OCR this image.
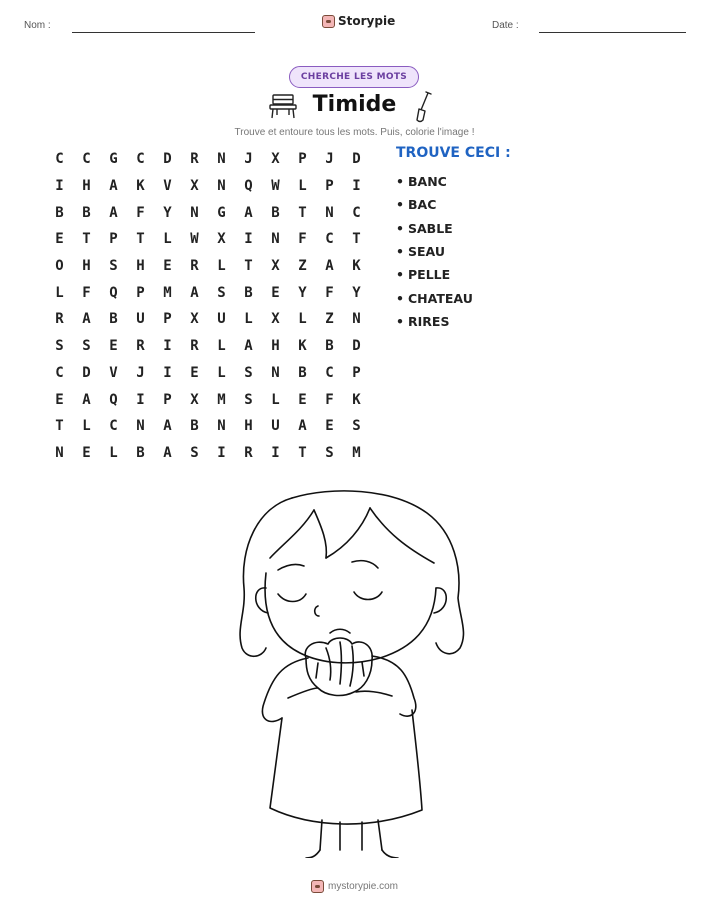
Nom :	Storypie	Date :
CHERCHE LES MOTS
Timide
Trouve et entoure tous les mots. Puis, colorie l'image !
C	C	G	C	D	R	N	J	X	P	J	D
I	H	A	K	V	X	N	Q	W	L	P	I
B	B	A	F	Y	N	G	A	B	T	N	C
E	T	P	T	L	W	X	I	N	F	C	T
O	H	S	H	E	R	L	T	X	Z	A	K
L	F	Q	P	M	A	S	B	E	Y	F	Y
R	A	B	U	P	X	U	L	X	L	Z	N
S	S	E	R	I	R	L	A	H	K	B	D
C	D	V	J	I	E	L	S	N	B	C	P
E	A	Q	I	P	X	M	S	L	E	F	K
T	L	C	N	A	B	N	H	U	A	E	S
N	E	L	B	A	S	I	R	I	T	S	M
TROUVE CECI :
• BANC
• BAC
• SABLE
• SEAU
• PELLE
• CHATEAU
• RIRES
mystorypie.com
